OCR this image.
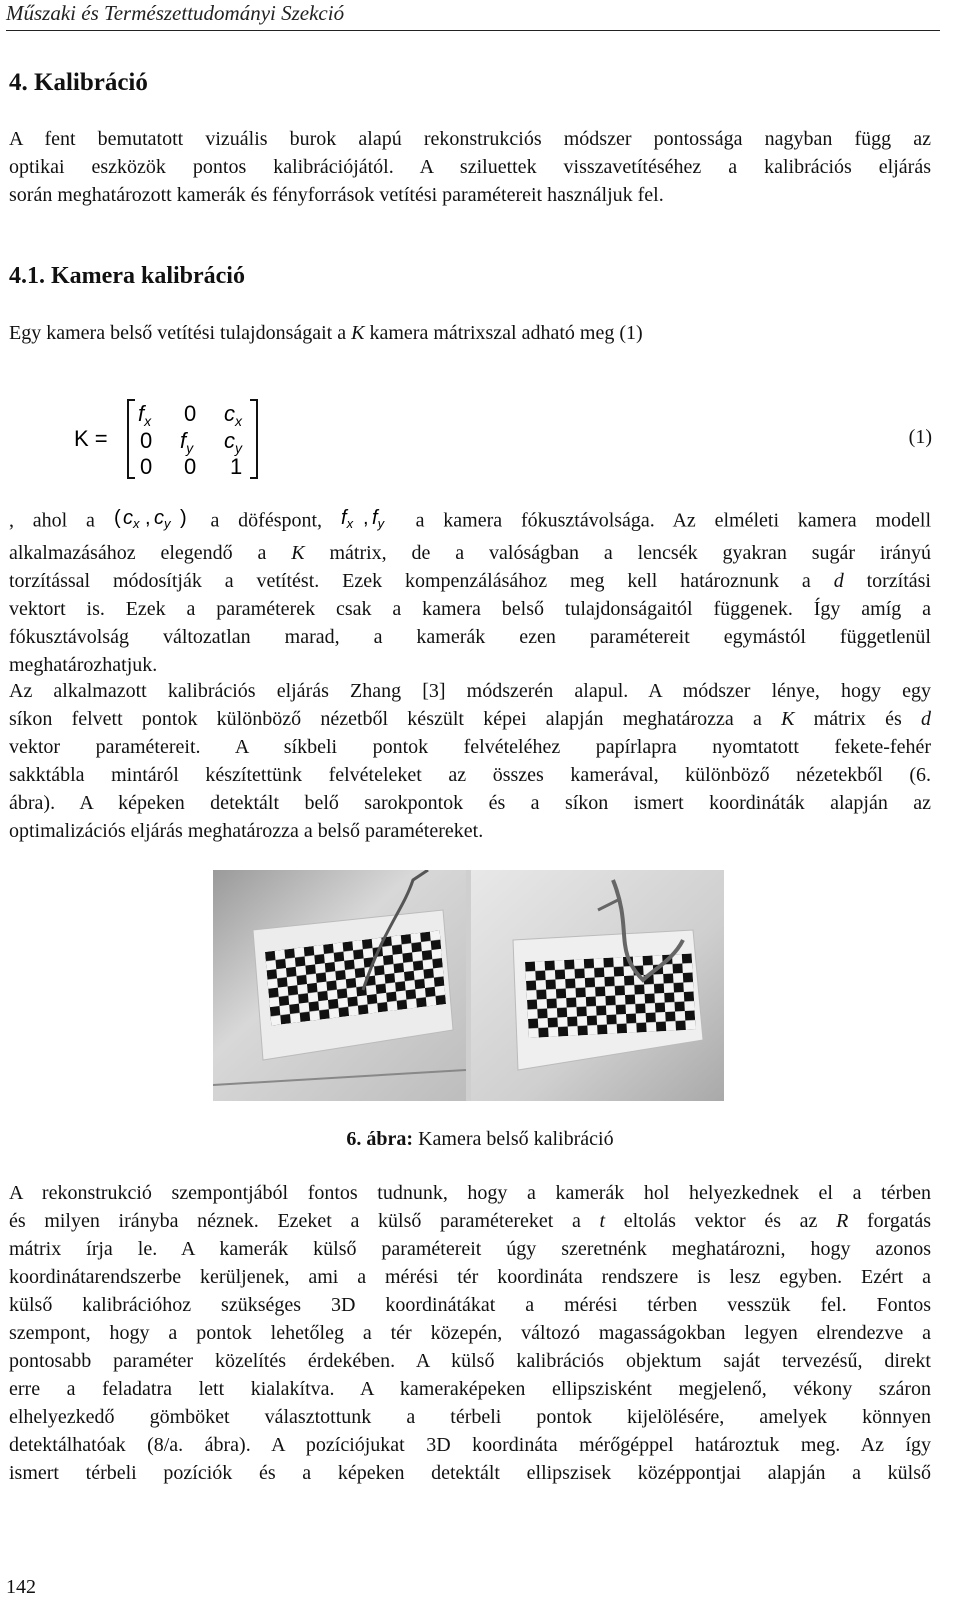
Műszaki és Természettudományi Szekció
4. Kalibráció
A fent bemutatott vizuális burok alapú rekonstrukciós módszer pontossága nagyban függ az
optikai eszközök pontos kalibrációjától. A sziluettek visszavetítéséhez a kalibrációs eljárás
során meghatározott kamerák és fényforrások vetítési paramétereit használjuk fel.
4.1. Kamera kalibráció
Egy kamera belső vetítési tulajdonságait a K kamera mátrixszal adható meg (1)
K =
$f_x$ 0 $c_x$
0 $f_y$ $c_y$
0 0 1
(1)
, ahol a ( $c_x$ , $c_y$ ) a döféspont, $f_x$ , $f_y$ a kamera fókusztávolsága. Az elméleti kamera modell
alkalmazásához elegendő a K mátrix, de a valóságban a lencsék gyakran sugár irányú
torzítással módosítják a vetítést. Ezek kompenzálásához meg kell határoznunk a d torzítási
vektort is. Ezek a paraméterek csak a kamera belső tulajdonságaitól függenek. Így amíg a
fókusztávolság változatlan marad, a kamerák ezen paramétereit egymástól függetlenül
meghatározhatjuk.
Az alkalmazott kalibrációs eljárás Zhang [3] módszerén alapul. A módszer lénye, hogy egy
síkon felvett pontok különböző nézetből készült képei alapján meghatározza a K mátrix és d
vektor paramétereit. A síkbeli pontok felvételéhez papírlapra nyomtatott fekete-fehér
sakktábla mintáról készítettünk felvételeket az összes kamerával, különböző nézetekből (6.
ábra). A képeken detektált belő sarokpontok és a síkon ismert koordináták alapján az
optimalizációs eljárás meghatározza a belső paramétereket.
6. ábra: Kamera belső kalibráció
A rekonstrukció szempontjából fontos tudnunk, hogy a kamerák hol helyezkednek el a térben
és milyen irányba néznek. Ezeket a külső paramétereket a t eltolás vektor és az R forgatás
mátrix írja le. A kamerák külső paramétereit úgy szeretnénk meghatározni, hogy azonos
koordinátarendszerbe kerüljenek, ami a mérési tér koordináta rendszere is lesz egyben. Ezért a
külső kalibrációhoz szükséges 3D koordinátákat a mérési térben vesszük fel. Fontos
szempont, hogy a pontok lehetőleg a tér közepén, változó magasságokban legyen elrendezve a
pontosabb paraméter közelítés érdekében. A külső kalibrációs objektum saját tervezésű, direkt
erre a feladatra lett kialakítva. A kameraképeken ellipszisként megjelenő, vékony száron
elhelyezkedő gömböket választottunk a térbeli pontok kijelölésére, amelyek könnyen
detektálhatóak (8/a. ábra). A pozíciójukat 3D koordináta mérőgéppel határoztuk meg. Az így
ismert térbeli pozíciók és a képeken detektált ellipszisek középpontjai alapján a külső
142
